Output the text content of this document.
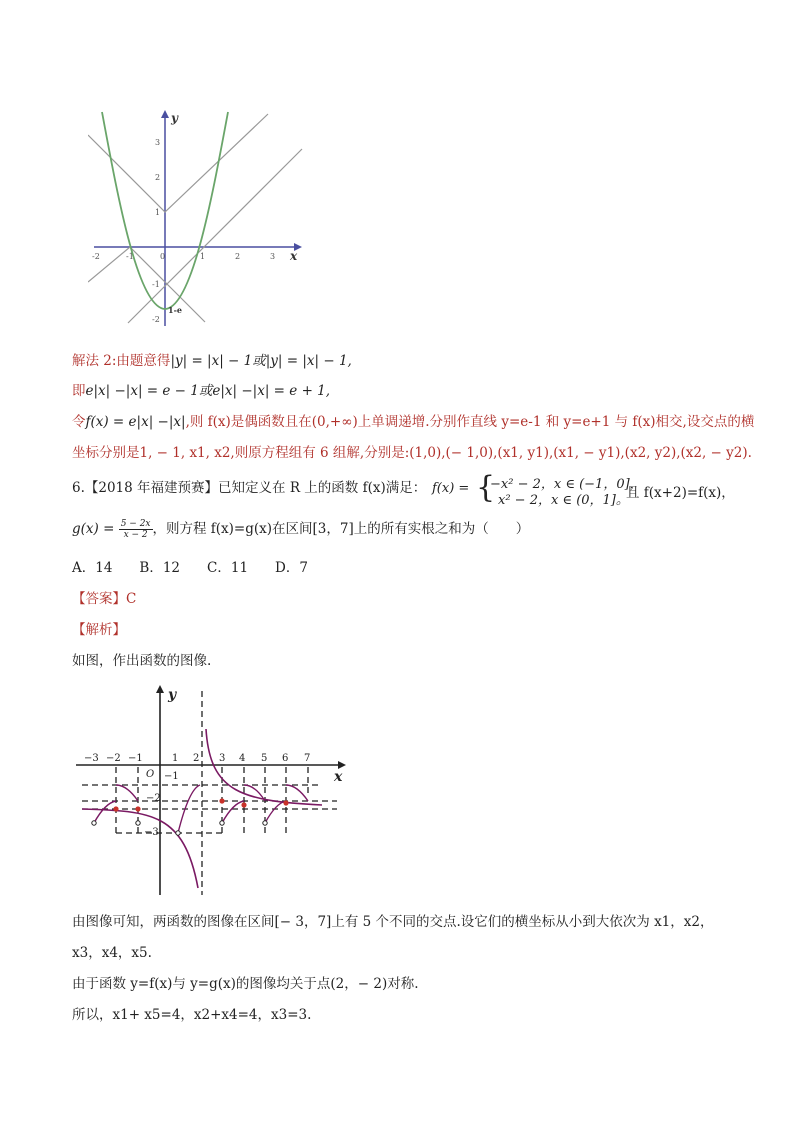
y
x
-2	-1	0	1	2	3
3
2
1
-1
-2
1-e
解法 2:由题意得|y| = |x| − 1或|y| = |x| − 1,
即e|x| −|x| = e − 1或e|x| −|x| = e + 1,
令f(x) = e|x| −|x|,则 f(x)是偶函数且在(0,+∞)上单调递增.分别作直线 y=e-1 和 y=e+1 与 f(x)相交,设交点的横
坐标分别是1, − 1, x1, x2,则原方程组有 6 组解,分别是:(1,0),(− 1,0),(x1, y1),(x1, − y1),(x2, y2),(x2, − y2).
6.【2018 年福建预赛】已知定义在 R 上的函数 f(x)满足： f(x) = {
−x² − 2，x ∈ (−1，0]，
x² − 2，x ∈ (0，1]。
且 f(x+2)=f(x)，
$g(x) = \frac{5 - 2x}{x - 2}$ ，则方程 f(x)=g(x)在区间[3，7]上的所有实根之和为（　　）
A．14　　B．12　　C．11　　D．7
【答案】C
【解析】
如图，作出函数的图像.
y
x
O
−3 −2 −1	1 2 3 4 5 6 7
−1
−2
−3
由图像可知，两函数的图像在区间[− 3，7]上有 5 个不同的交点.设它们的横坐标从小到大依次为 x1，x2，
x3，x4，x5.
由于函数 y=f(x)与 y=g(x)的图像均关于点(2，− 2)对称.
所以，x1+ x5=4，x2+x4=4，x3=3.
